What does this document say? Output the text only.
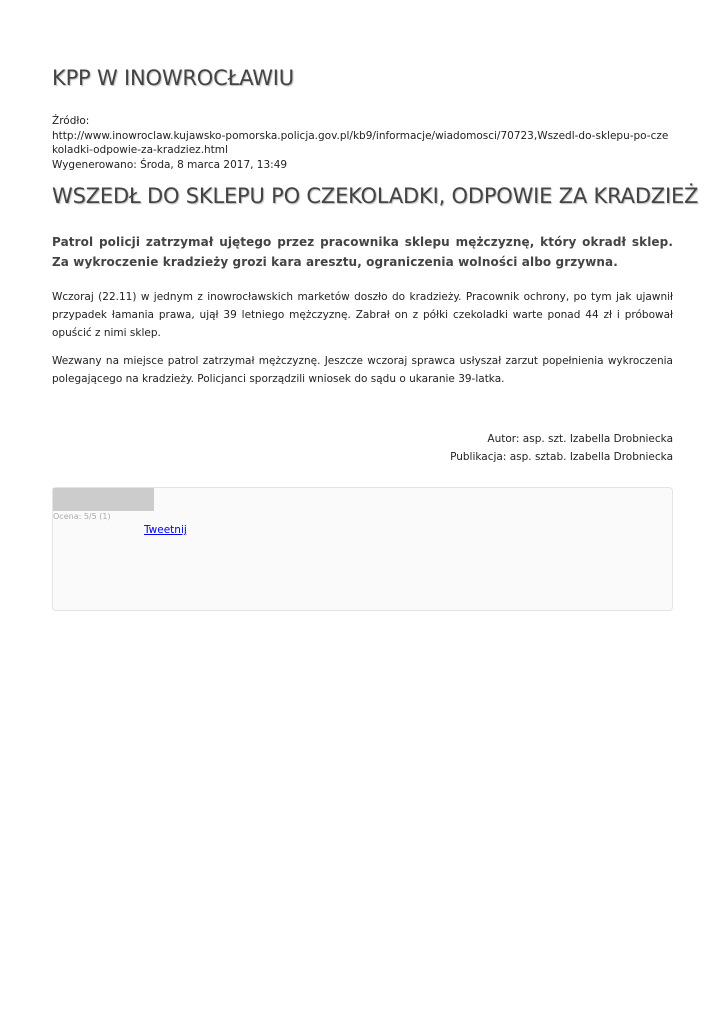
KPP W INOWROCŁAWIU
Źródło:
http://www.inowroclaw.kujawsko-pomorska.policja.gov.pl/kb9/informacje/wiadomosci/70723,Wszedl-do-sklepu-po-czekoladki-odpowie-za-kradziez.html
Wygenerowano: Środa, 8 marca 2017, 13:49
WSZEDŁ DO SKLEPU PO CZEKOLADKI, ODPOWIE ZA KRADZIEŻ

Patrol policji zatrzymał ujętego przez pracownika sklepu mężczyznę, który okradł sklep. Za wykroczenie kradzieży grozi kara aresztu, ograniczenia wolności albo grzywna.

Wczoraj (22.11) w jednym z inowrocławskich marketów doszło do kradzieży. Pracownik ochrony, po tym jak ujawnił przypadek łamania prawa, ujął 39 letniego mężczyznę. Zabrał on z półki czekoladki warte ponad 44 zł i próbował opuścić z nimi sklep.

Wezwany na miejsce patrol zatrzymał mężczyznę. Jeszcze wczoraj sprawca usłyszał zarzut popełnienia wykroczenia polegającego na kradzieży. Policjanci sporządzili wniosek do sądu o ukaranie 39-latka.

Autor: asp. szt. Izabella Drobniecka
Publikacja: asp. sztab. Izabella Drobniecka
Ocena: 5/5 (1)
Tweetnij
